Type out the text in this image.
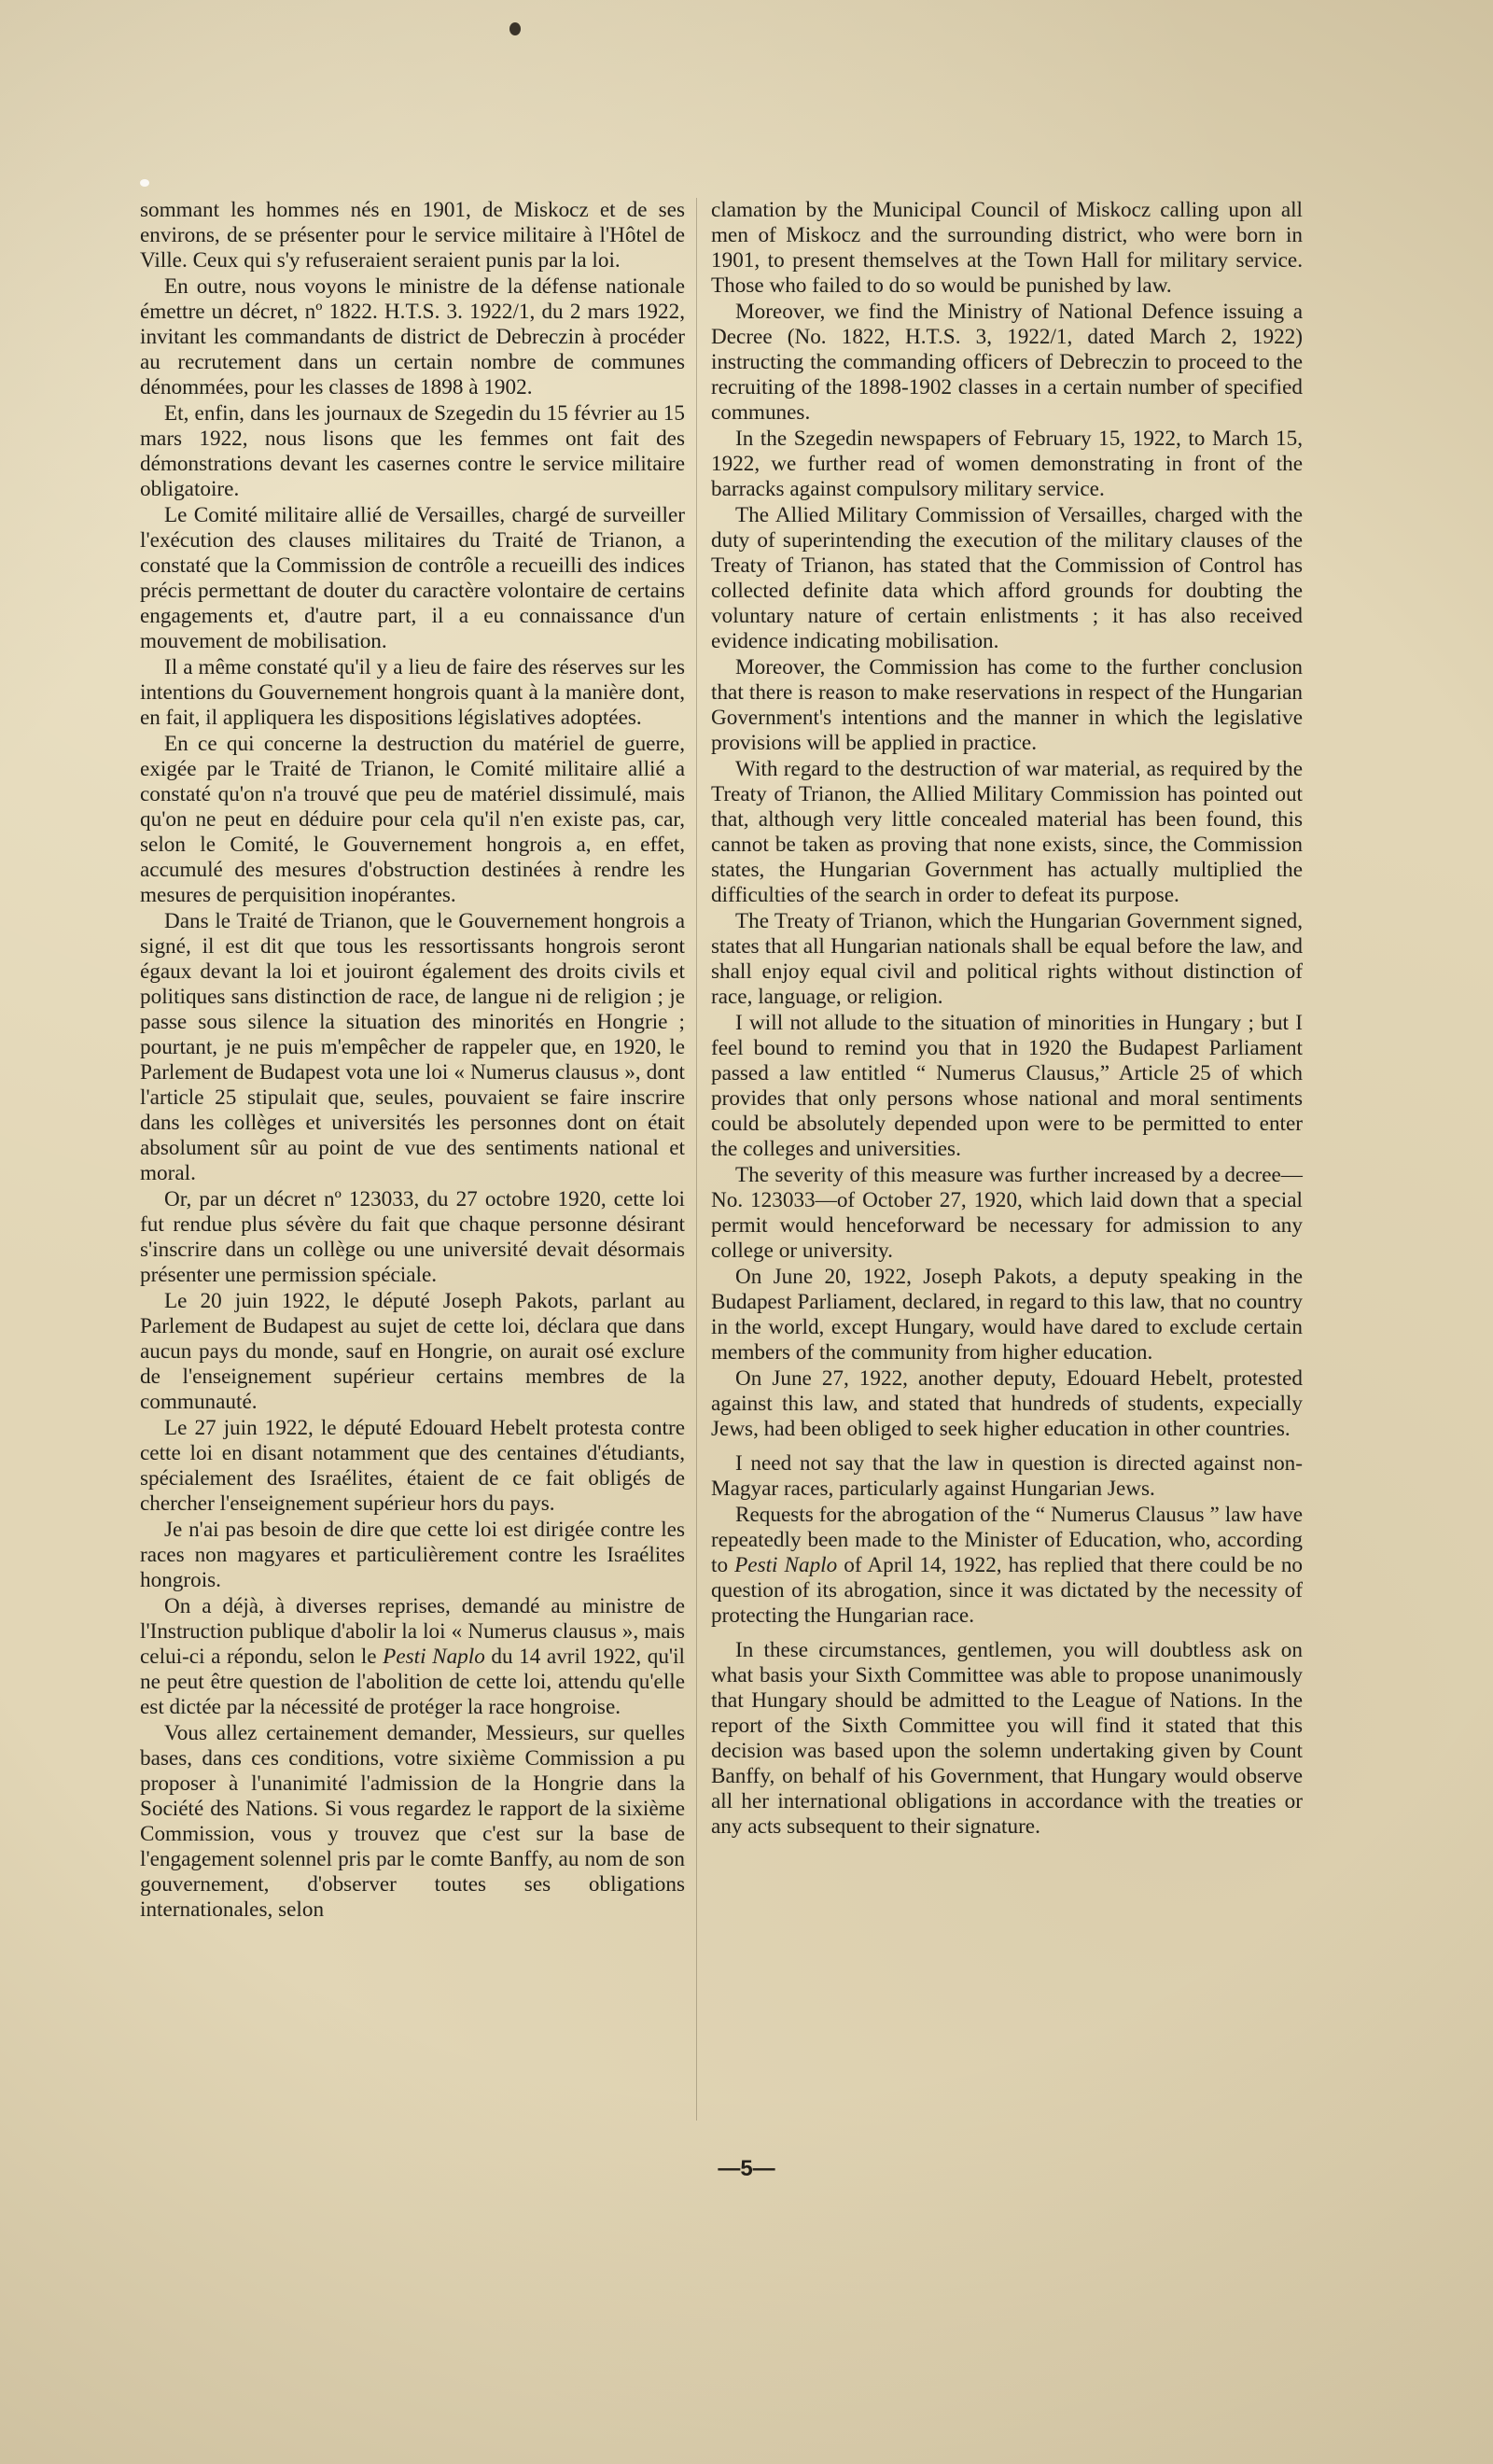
sommant les hommes nés en 1901, de Miskocz et de ses environs, de se présenter pour le service militaire à l'Hôtel de Ville. Ceux qui s'y refuseraient seraient punis par la loi.

En outre, nous voyons le ministre de la défense nationale émettre un décret, nº 1822. H.T.S. 3. 1922/1, du 2 mars 1922, invitant les commandants de district de Debreczin à procéder au recrutement dans un certain nombre de communes dénommées, pour les classes de 1898 à 1902.

Et, enfin, dans les journaux de Szegedin du 15 février au 15 mars 1922, nous lisons que les femmes ont fait des démonstrations devant les casernes contre le service militaire obligatoire.

Le Comité militaire allié de Versailles, chargé de surveiller l'exécution des clauses militaires du Traité de Trianon, a constaté que la Commission de contrôle a recueilli des indices précis permettant de douter du caractère volontaire de certains engagements et, d'autre part, il a eu connaissance d'un mouvement de mobilisation.

Il a même constaté qu'il y a lieu de faire des réserves sur les intentions du Gouvernement hongrois quant à la manière dont, en fait, il appliquera les dispositions législatives adoptées.

En ce qui concerne la destruction du matériel de guerre, exigée par le Traité de Trianon, le Comité militaire allié a constaté qu'on n'a trouvé que peu de matériel dissimulé, mais qu'on ne peut en déduire pour cela qu'il n'en existe pas, car, selon le Comité, le Gouvernement hongrois a, en effet, accumulé des mesures d'obstruction destinées à rendre les mesures de perquisition inopérantes.

Dans le Traité de Trianon, que le Gouvernement hongrois a signé, il est dit que tous les ressortissants hongrois seront égaux devant la loi et jouiront également des droits civils et politiques sans distinction de race, de langue ni de religion ; je passe sous silence la situation des minorités en Hongrie ; pourtant, je ne puis m'empêcher de rappeler que, en 1920, le Parlement de Budapest vota une loi « Numerus clausus », dont l'article 25 stipulait que, seules, pouvaient se faire inscrire dans les collèges et universités les personnes dont on était absolument sûr au point de vue des sentiments national et moral.

Or, par un décret nº 123033, du 27 octobre 1920, cette loi fut rendue plus sévère du fait que chaque personne désirant s'inscrire dans un collège ou une université devait désormais présenter une permission spéciale.

Le 20 juin 1922, le député Joseph Pakots, parlant au Parlement de Budapest au sujet de cette loi, déclara que dans aucun pays du monde, sauf en Hongrie, on aurait osé exclure de l'enseignement supérieur certains membres de la communauté.

Le 27 juin 1922, le député Edouard Hebelt protesta contre cette loi en disant notamment que des centaines d'étudiants, spécialement des Israélites, étaient de ce fait obligés de chercher l'enseignement supérieur hors du pays.

Je n'ai pas besoin de dire que cette loi est dirigée contre les races non magyares et particulièrement contre les Israélites hongrois.

On a déjà, à diverses reprises, demandé au ministre de l'Instruction publique d'abolir la loi « Numerus clausus », mais celui-ci a répondu, selon le Pesti Naplo du 14 avril 1922, qu'il ne peut être question de l'abolition de cette loi, attendu qu'elle est dictée par la nécessité de protéger la race hongroise.

Vous allez certainement demander, Messieurs, sur quelles bases, dans ces conditions, votre sixième Commission a pu proposer à l'unanimité l'admission de la Hongrie dans la Société des Nations. Si vous regardez le rapport de la sixième Commission, vous y trouvez que c'est sur la base de l'engagement solennel pris par le comte Banffy, au nom de son gouvernement, d'observer toutes ses obligations internationales, selon

clamation by the Municipal Council of Miskocz calling upon all men of Miskocz and the surrounding district, who were born in 1901, to present themselves at the Town Hall for military service. Those who failed to do so would be punished by law.

Moreover, we find the Ministry of National Defence issuing a Decree (No. 1822, H.T.S. 3, 1922/1, dated March 2, 1922) instructing the commanding officers of Debreczin to proceed to the recruiting of the 1898-1902 classes in a certain number of specified communes.

In the Szegedin newspapers of February 15, 1922, to March 15, 1922, we further read of women demonstrating in front of the barracks against compulsory military service.

The Allied Military Commission of Versailles, charged with the duty of superintending the execution of the military clauses of the Treaty of Trianon, has stated that the Commission of Control has collected definite data which afford grounds for doubting the voluntary nature of certain enlistments ; it has also received evidence indicating mobilisation.

Moreover, the Commission has come to the further conclusion that there is reason to make reservations in respect of the Hungarian Government's intentions and the manner in which the legislative provisions will be applied in practice.

With regard to the destruction of war material, as required by the Treaty of Trianon, the Allied Military Commission has pointed out that, although very little concealed material has been found, this cannot be taken as proving that none exists, since, the Commission states, the Hungarian Government has actually multiplied the difficulties of the search in order to defeat its purpose.

The Treaty of Trianon, which the Hungarian Government signed, states that all Hungarian nationals shall be equal before the law, and shall enjoy equal civil and political rights without distinction of race, language, or religion.

I will not allude to the situation of minorities in Hungary ; but I feel bound to remind you that in 1920 the Budapest Parliament passed a law entitled “ Numerus Clausus,” Article 25 of which provides that only persons whose national and moral sentiments could be absolutely depended upon were to be permitted to enter the colleges and universities.

The severity of this measure was further increased by a decree—No. 123033—of October 27, 1920, which laid down that a special permit would henceforward be necessary for admission to any college or university.

On June 20, 1922, Joseph Pakots, a deputy speaking in the Budapest Parliament, declared, in regard to this law, that no country in the world, except Hungary, would have dared to exclude certain members of the community from higher education.

On June 27, 1922, another deputy, Edouard Hebelt, protested against this law, and stated that hundreds of students, expecially Jews, had been obliged to seek higher education in other countries.

I need not say that the law in question is directed against non-Magyar races, particularly against Hungarian Jews.

Requests for the abrogation of the “ Numerus Clausus ” law have repeatedly been made to the Minister of Education, who, according to Pesti Naplo of April 14, 1922, has replied that there could be no question of its abrogation, since it was dictated by the necessity of protecting the Hungarian race.

In these circumstances, gentlemen, you will doubtless ask on what basis your Sixth Committee was able to propose unanimously that Hungary should be admitted to the League of Nations. In the report of the Sixth Committee you will find it stated that this decision was based upon the solemn undertaking given by Count Banffy, on behalf of his Government, that Hungary would observe all her international obligations in accordance with the treaties or any acts subsequent to their signature.

—5—
